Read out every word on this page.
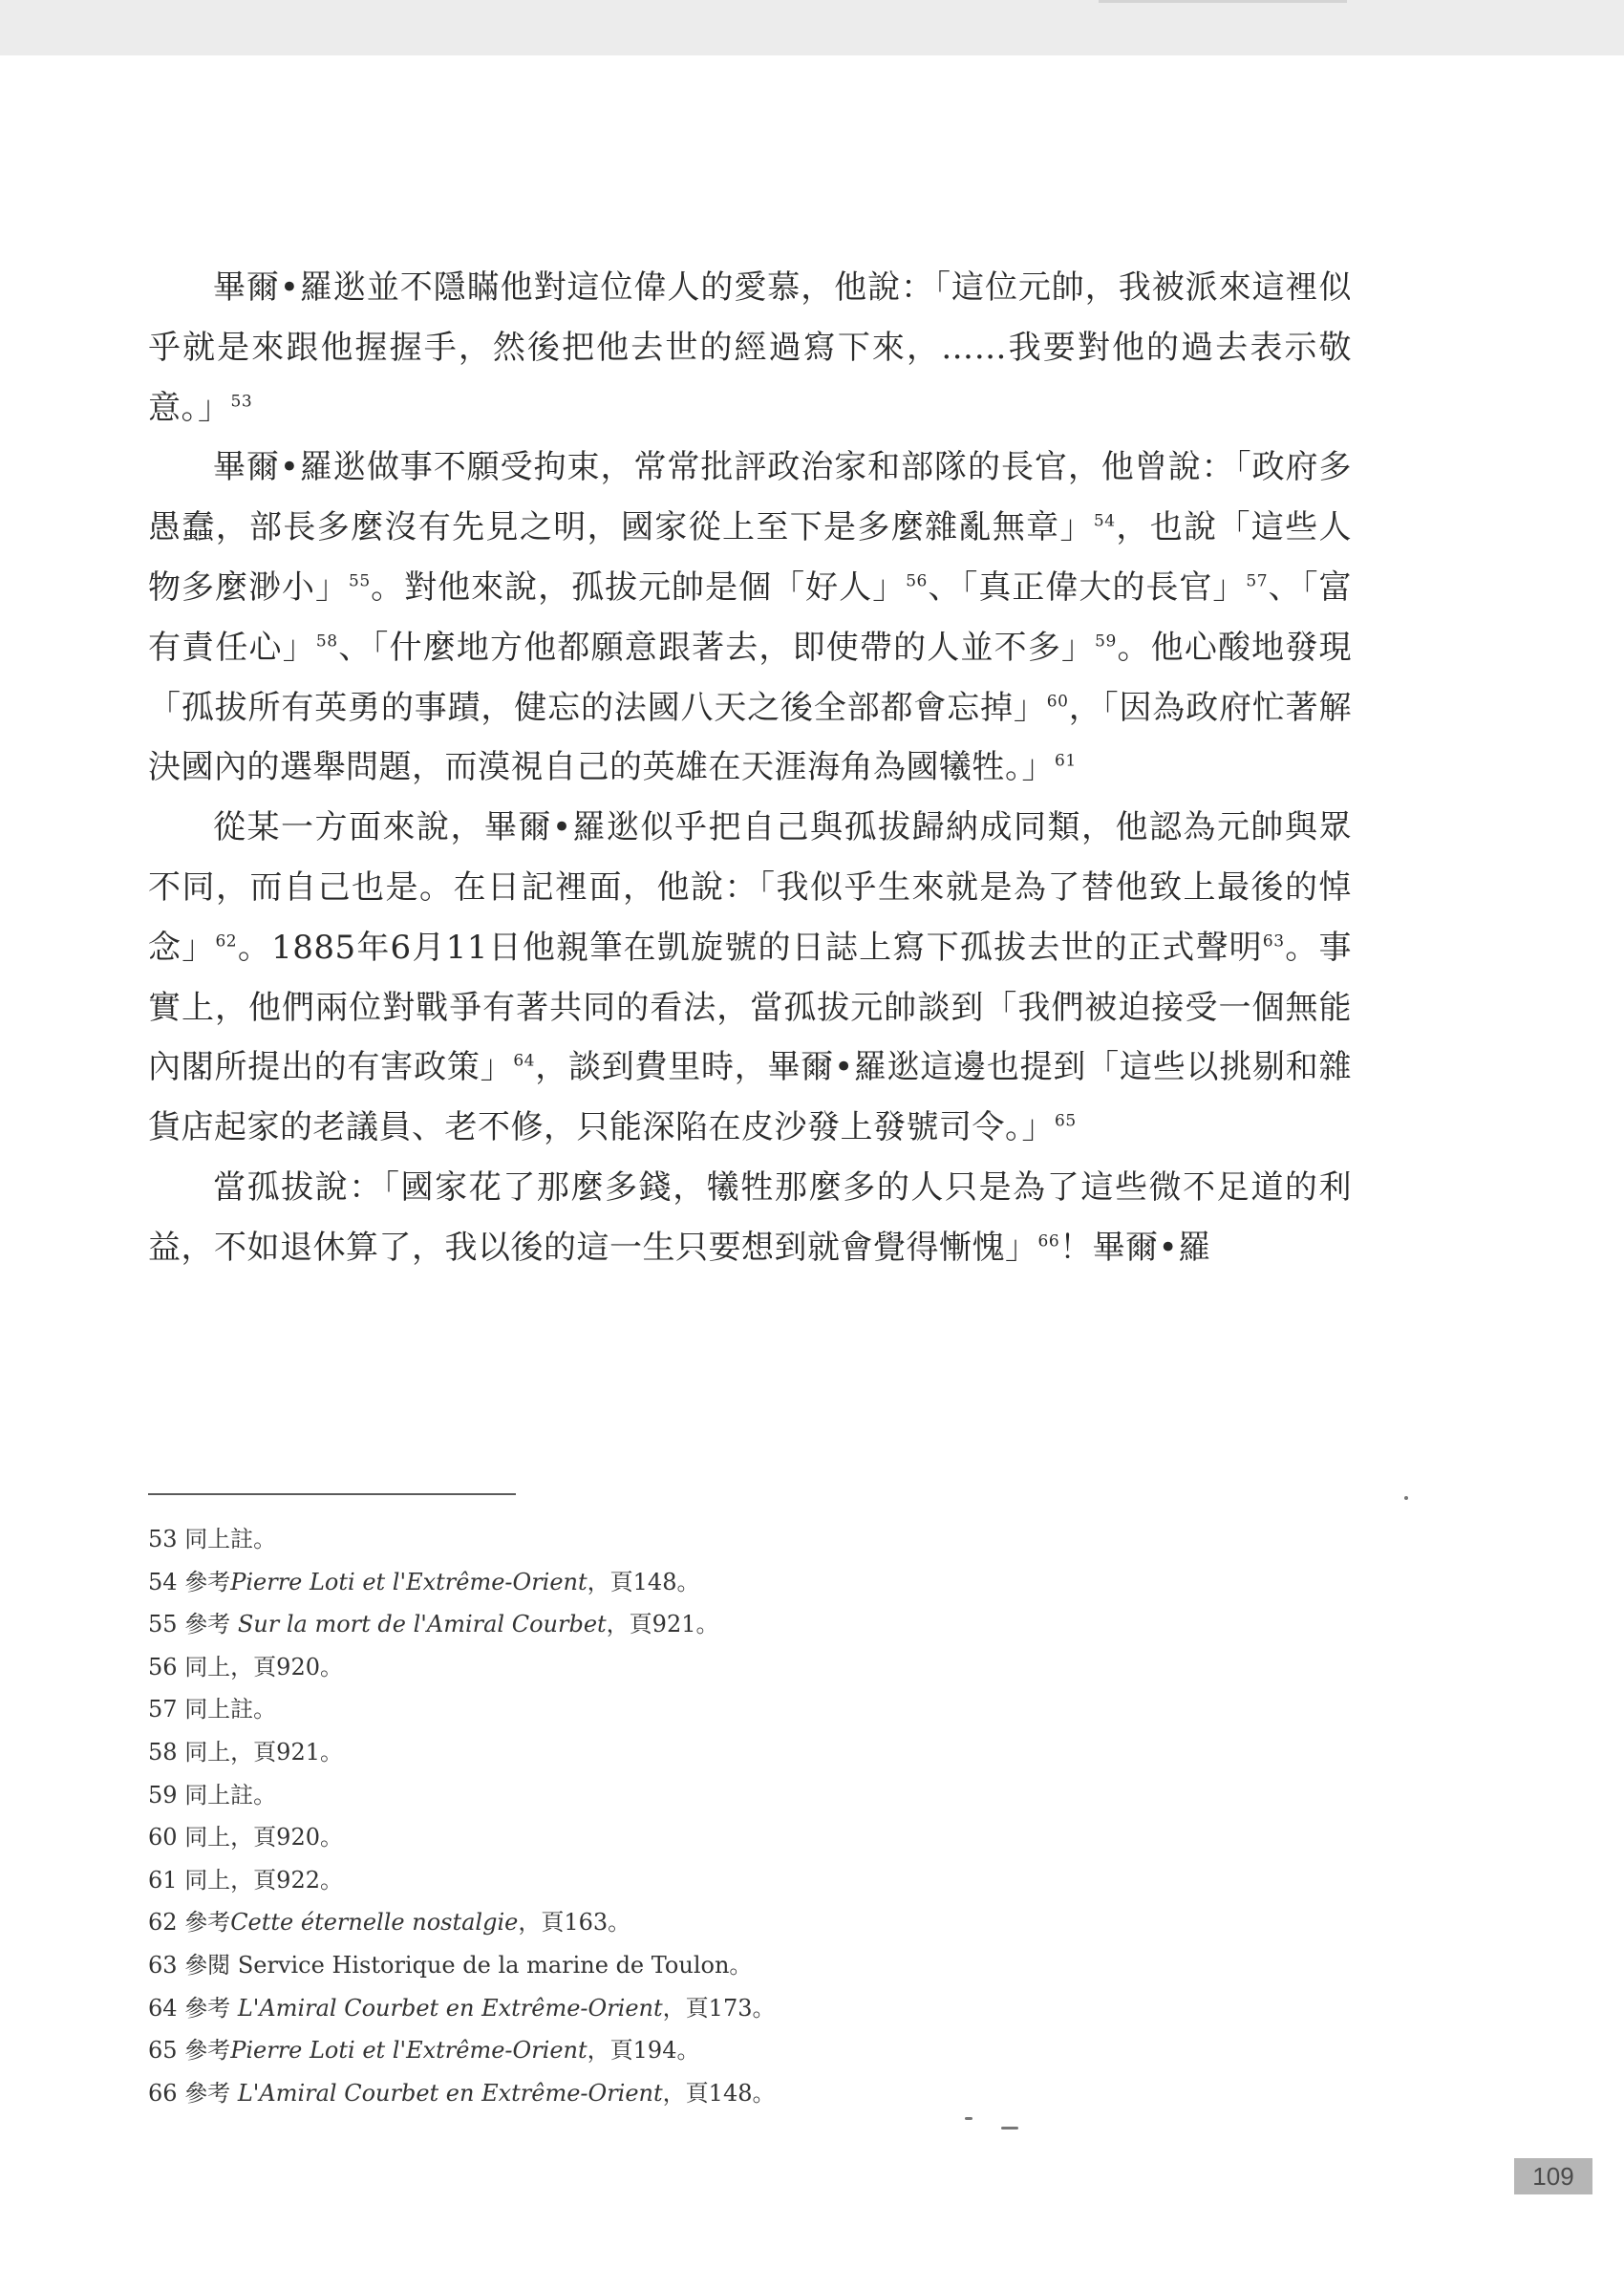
畢爾•羅逖並不隱瞞他對這位偉人的愛慕，他說：「這位元帥，我被派來這裡似乎就是來跟他握握手，然後把他去世的經過寫下來，……我要對他的過去表示敬意。」$^{53}$

畢爾•羅逖做事不願受拘束，常常批評政治家和部隊的長官，他曾說：「政府多愚蠢，部長多麼沒有先見之明，國家從上至下是多麼雜亂無章」$^{54}$，也說「這些人物多麼渺小」$^{55}$。對他來說，孤拔元帥是個「好人」$^{56}$、「真正偉大的長官」$^{57}$、「富有責任心」$^{58}$、「什麼地方他都願意跟著去，即使帶的人並不多」$^{59}$。他心酸地發現「孤拔所有英勇的事蹟，健忘的法國八天之後全部都會忘掉」$^{60}$，「因為政府忙著解決國內的選舉問題，而漠視自己的英雄在天涯海角為國犧牲。」$^{61}$

從某一方面來說，畢爾•羅逖似乎把自己與孤拔歸納成同類，他認為元帥與眾不同，而自己也是。在日記裡面，他說：「我似乎生來就是為了替他致上最後的悼念」$^{62}$。1885年6月11日他親筆在凱旋號的日誌上寫下孤拔去世的正式聲明$^{63}$。事實上，他們兩位對戰爭有著共同的看法，當孤拔元帥談到「我們被迫接受一個無能內閣所提出的有害政策」$^{64}$，談到費里時，畢爾•羅逖這邊也提到「這些以挑剔和雜貨店起家的老議員、老不修，只能深陷在皮沙發上發號司令。」$^{65}$

當孤拔說：「國家花了那麼多錢，犧牲那麼多的人只是為了這些微不足道的利益，不如退休算了，我以後的這一生只要想到就會覺得慚愧」$^{66}$！畢爾•羅

53 同上註。
54 參考Pierre Loti et l'Extrême-Orient，頁148。
55 參考 Sur la mort de l'Amiral Courbet，頁921。
56 同上，頁920。
57 同上註。
58 同上，頁921。
59 同上註。
60 同上，頁920。
61 同上，頁922。
62 參考Cette éternelle nostalgie，頁163。
63 參閱 Service Historique de la marine de Toulon。
64 參考 L'Amiral Courbet en Extrême-Orient，頁173。
65 參考Pierre Loti et l'Extrême-Orient，頁194。
66 參考 L'Amiral Courbet en Extrême-Orient，頁148。
109
